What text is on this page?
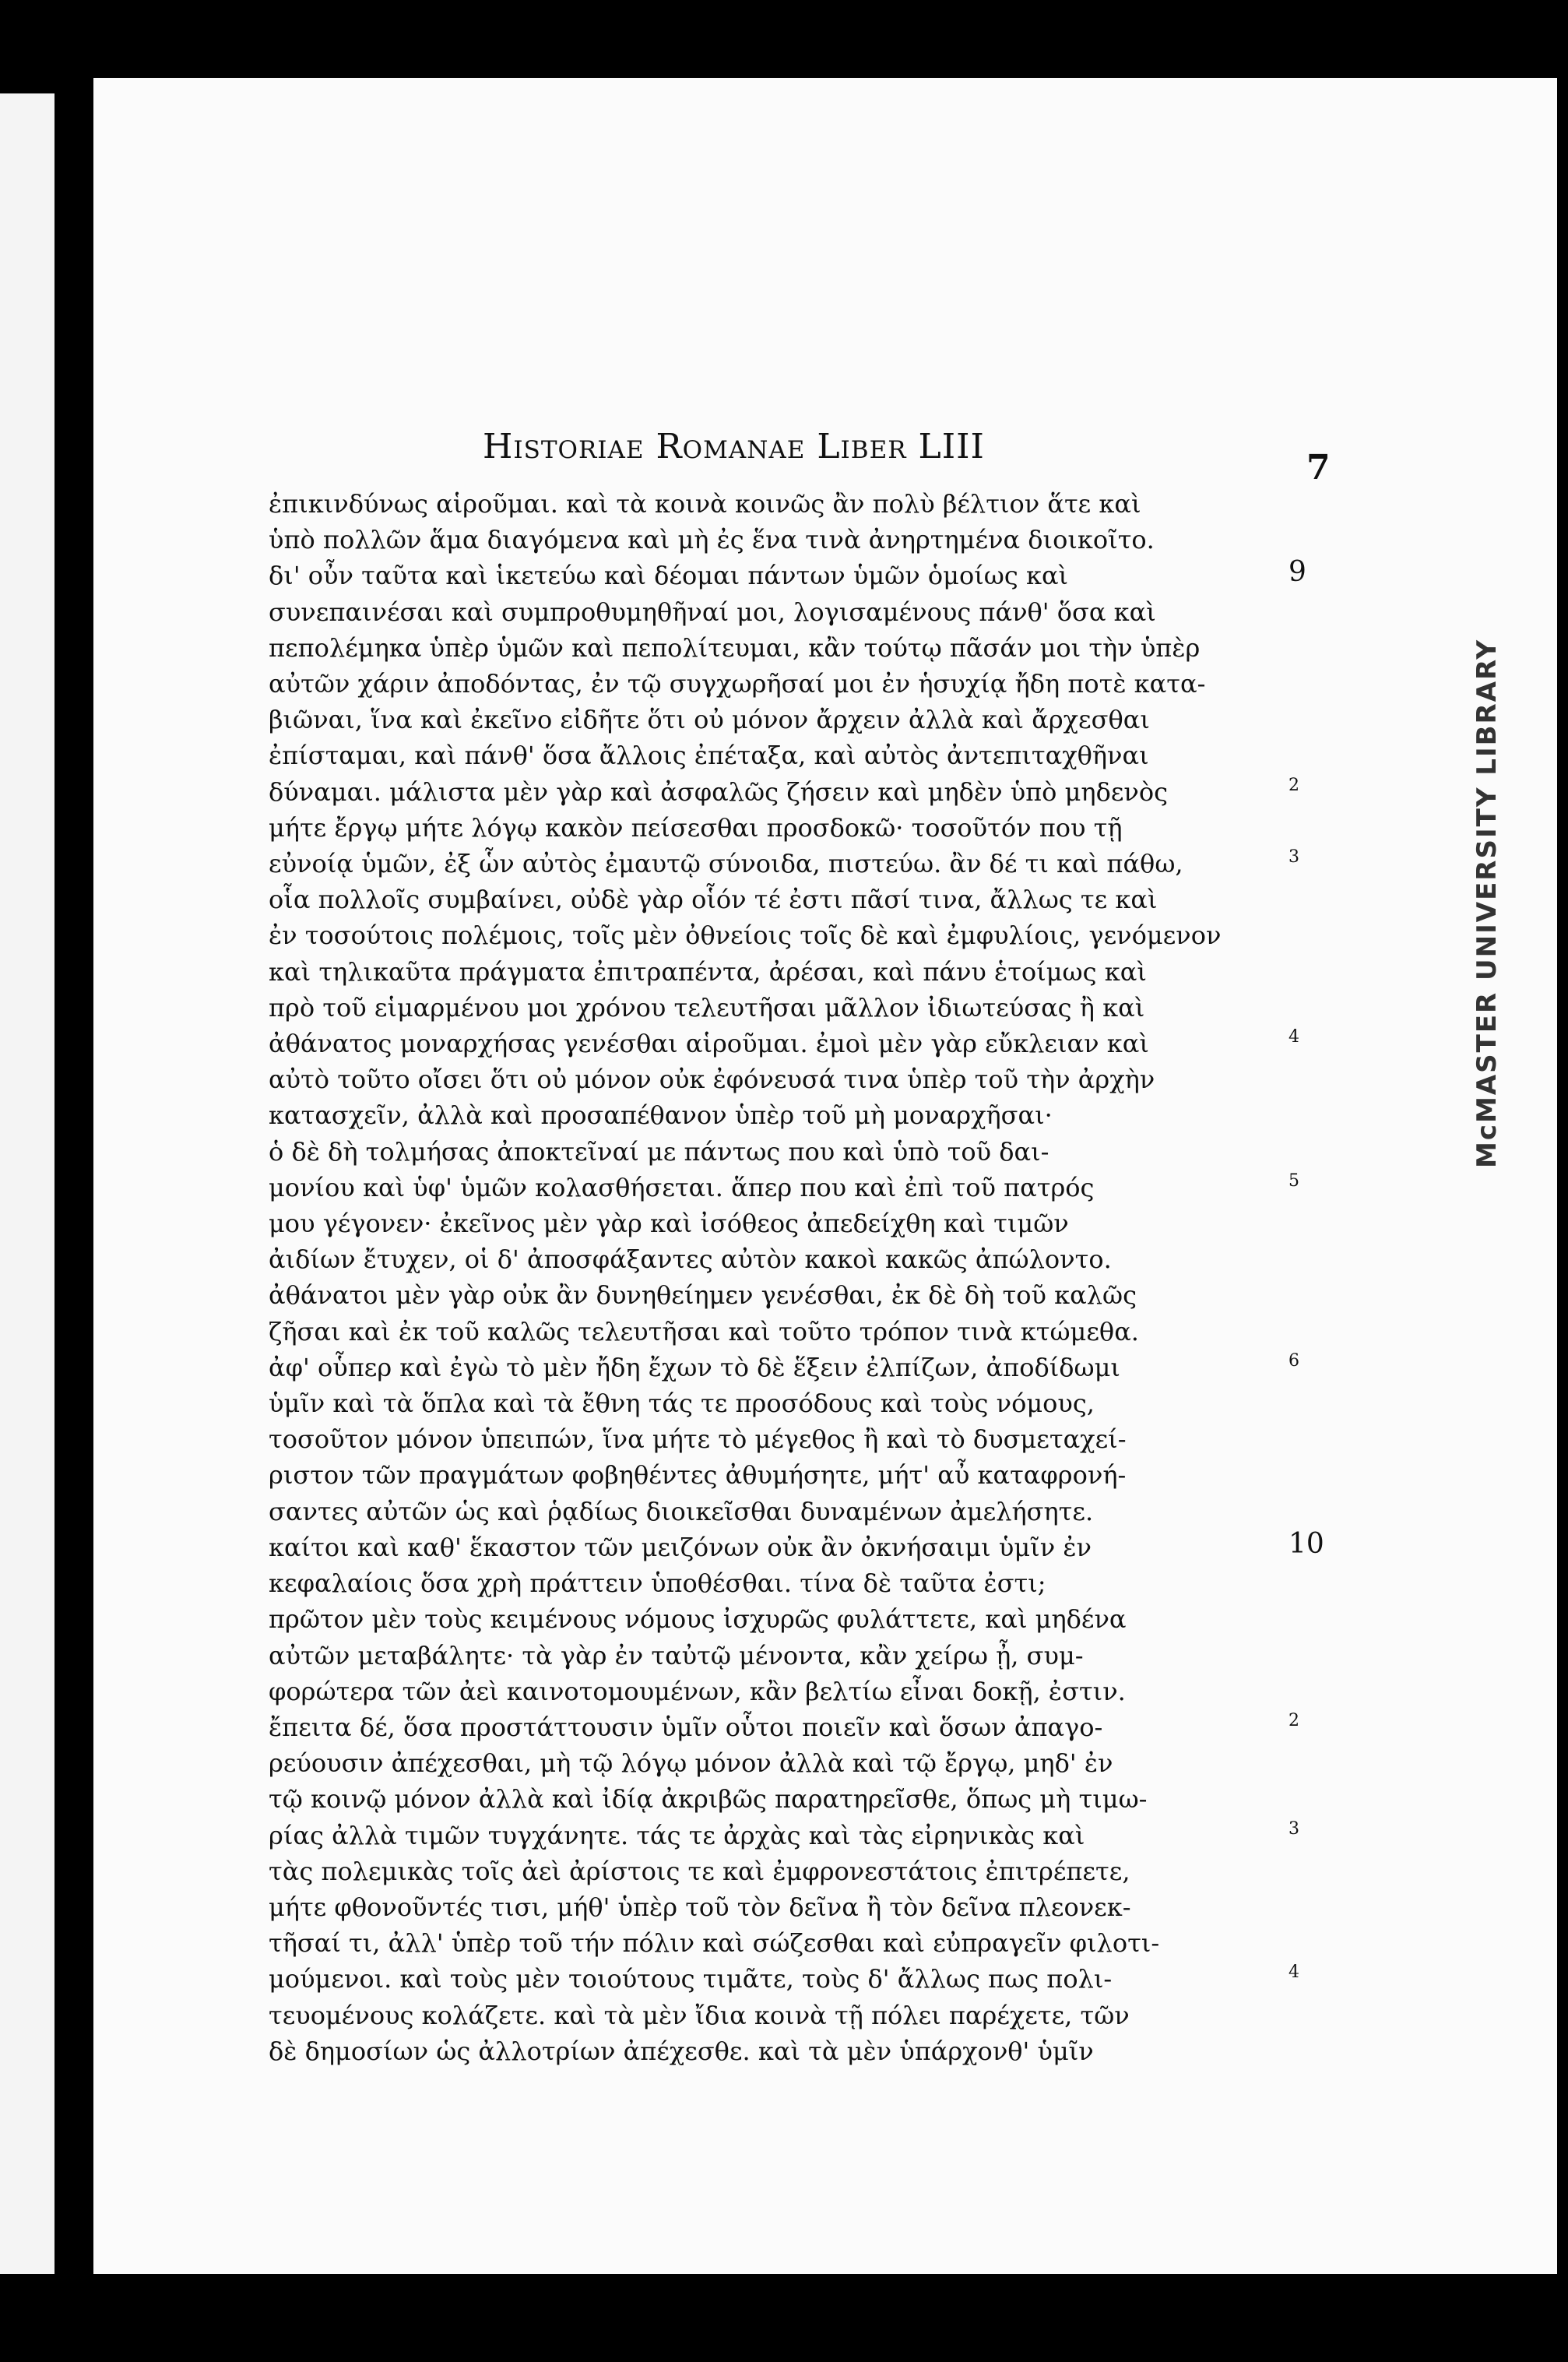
Historiae Romanae Liber LIII
7
ἐπικινδύνως αἱροῦμαι. καὶ τὰ κοινὰ κοινῶς ἂν πολὺ βέλτιον ἅτε καὶ
ὑπὸ πολλῶν ἅμα διαγόμενα καὶ μὴ ἐς ἕνα τινὰ ἀνηρτημένα διοικοῖτο.
δι' οὖν ταῦτα καὶ ἱκετεύω καὶ δέομαι πάντων ὑμῶν ὁμοίως καὶ	9
συνεπαινέσαι καὶ συμπροθυμηθῆναί μοι, λογισαμένους πάνθ' ὅσα καὶ
πεπολέμηκα ὑπὲρ ὑμῶν καὶ πεπολίτευμαι, κἂν τούτῳ πᾶσάν μοι τὴν ὑπὲρ
αὐτῶν χάριν ἀποδόντας, ἐν τῷ συγχωρῆσαί μοι ἐν ἡσυχίᾳ ἤδη ποτὲ κατα-
βιῶναι, ἵνα καὶ ἐκεῖνο εἰδῆτε ὅτι οὐ μόνον ἄρχειν ἀλλὰ καὶ ἄρχεσθαι
ἐπίσταμαι, καὶ πάνθ' ὅσα ἄλλοις ἐπέταξα, καὶ αὐτὸς ἀντεπιταχθῆναι
δύναμαι. μάλιστα μὲν γὰρ καὶ ἀσφαλῶς ζήσειν καὶ μηδὲν ὑπὸ μηδενὸς	2
μήτε ἔργῳ μήτε λόγῳ κακὸν πείσεσθαι προσδοκῶ· τοσοῦτόν που τῇ
εὐνοίᾳ ὑμῶν, ἐξ ὧν αὐτὸς ἐμαυτῷ σύνοιδα, πιστεύω. ἂν δέ τι καὶ πάθω,	3
οἷα πολλοῖς συμβαίνει, οὐδὲ γὰρ οἷόν τέ ἐστι πᾶσί τινα, ἄλλως τε καὶ
ἐν τοσούτοις πολέμοις, τοῖς μὲν ὀθνείοις τοῖς δὲ καὶ ἐμφυλίοις, γενόμενον
καὶ τηλικαῦτα πράγματα ἐπιτραπέντα, ἀρέσαι, καὶ πάνυ ἑτοίμως καὶ
πρὸ τοῦ εἱμαρμένου μοι χρόνου τελευτῆσαι μᾶλλον ἰδιωτεύσας ἢ καὶ
ἀθάνατος μοναρχήσας γενέσθαι αἱροῦμαι. ἐμοὶ μὲν γὰρ εὔκλειαν καὶ	4
αὐτὸ τοῦτο οἴσει ὅτι οὐ μόνον οὐκ ἐφόνευσά τινα ὑπὲρ τοῦ τὴν ἀρχὴν
κατασχεῖν, ἀλλὰ καὶ προσαπέθανον ὑπὲρ τοῦ μὴ μοναρχῆσαι·
ὁ δὲ δὴ τολμήσας ἀποκτεῖναί με πάντως που καὶ ὑπὸ τοῦ δαι-
μονίου καὶ ὑφ' ὑμῶν κολασθήσεται. ἅπερ που καὶ ἐπὶ τοῦ πατρός	5
μου γέγονεν· ἐκεῖνος μὲν γὰρ καὶ ἰσόθεος ἀπεδείχθη καὶ τιμῶν
ἀιδίων ἔτυχεν, οἱ δ' ἀποσφάξαντες αὐτὸν κακοὶ κακῶς ἀπώλοντο.
ἀθάνατοι μὲν γὰρ οὐκ ἂν δυνηθείημεν γενέσθαι, ἐκ δὲ δὴ τοῦ καλῶς
ζῆσαι καὶ ἐκ τοῦ καλῶς τελευτῆσαι καὶ τοῦτο τρόπον τινὰ κτώμεθα.
ἀφ' οὗπερ καὶ ἐγὼ τὸ μὲν ἤδη ἔχων τὸ δὲ ἕξειν ἐλπίζων, ἀποδίδωμι	6
ὑμῖν καὶ τὰ ὅπλα καὶ τὰ ἔθνη τάς τε προσόδους καὶ τοὺς νόμους,
τοσοῦτον μόνον ὑπειπών, ἵνα μήτε τὸ μέγεθος ἢ καὶ τὸ δυσμεταχεί-
ριστον τῶν πραγμάτων φοβηθέντες ἀθυμήσητε, μήτ' αὖ καταφρονή-
σαντες αὐτῶν ὡς καὶ ῥᾳδίως διοικεῖσθαι δυναμένων ἀμελήσητε.
καίτοι καὶ καθ' ἕκαστον τῶν μειζόνων οὐκ ἂν ὀκνήσαιμι ὑμῖν ἐν	10
κεφαλαίοις ὅσα χρὴ πράττειν ὑποθέσθαι. τίνα δὲ ταῦτα ἐστι;
πρῶτον μὲν τοὺς κειμένους νόμους ἰσχυρῶς φυλάττετε, καὶ μηδένα
αὐτῶν μεταβάλητε· τὰ γὰρ ἐν ταὐτῷ μένοντα, κἂν χείρω ᾖ, συμ-
φορώτερα τῶν ἀεὶ καινοτομουμένων, κἂν βελτίω εἶναι δοκῇ, ἐστιν.
ἔπειτα δέ, ὅσα προστάττουσιν ὑμῖν οὗτοι ποιεῖν καὶ ὅσων ἀπαγο-	2
ρεύουσιν ἀπέχεσθαι, μὴ τῷ λόγῳ μόνον ἀλλὰ καὶ τῷ ἔργῳ, μηδ' ἐν
τῷ κοινῷ μόνον ἀλλὰ καὶ ἰδίᾳ ἀκριβῶς παρατηρεῖσθε, ὅπως μὴ τιμω-
ρίας ἀλλὰ τιμῶν τυγχάνητε. τάς τε ἀρχὰς καὶ τὰς εἰρηνικὰς καὶ	3
τὰς πολεμικὰς τοῖς ἀεὶ ἀρίστοις τε καὶ ἐμφρονεστάτοις ἐπιτρέπετε,
μήτε φθονοῦντές τισι, μήθ' ὑπὲρ τοῦ τὸν δεῖνα ἢ τὸν δεῖνα πλεονεκ-
τῆσαί τι, ἀλλ' ὑπὲρ τοῦ τήν πόλιν καὶ σώζεσθαι καὶ εὐπραγεῖν φιλοτι-
μούμενοι. καὶ τοὺς μὲν τοιούτους τιμᾶτε, τοὺς δ' ἄλλως πως πολι-	4
τευομένους κολάζετε. καὶ τὰ μὲν ἴδια κοινὰ τῇ πόλει παρέχετε, τῶν
δὲ δημοσίων ὡς ἀλλοτρίων ἀπέχεσθε. καὶ τὰ μὲν ὑπάρχονθ' ὑμῖν
McMASTER UNIVERSITY LIBRARY
